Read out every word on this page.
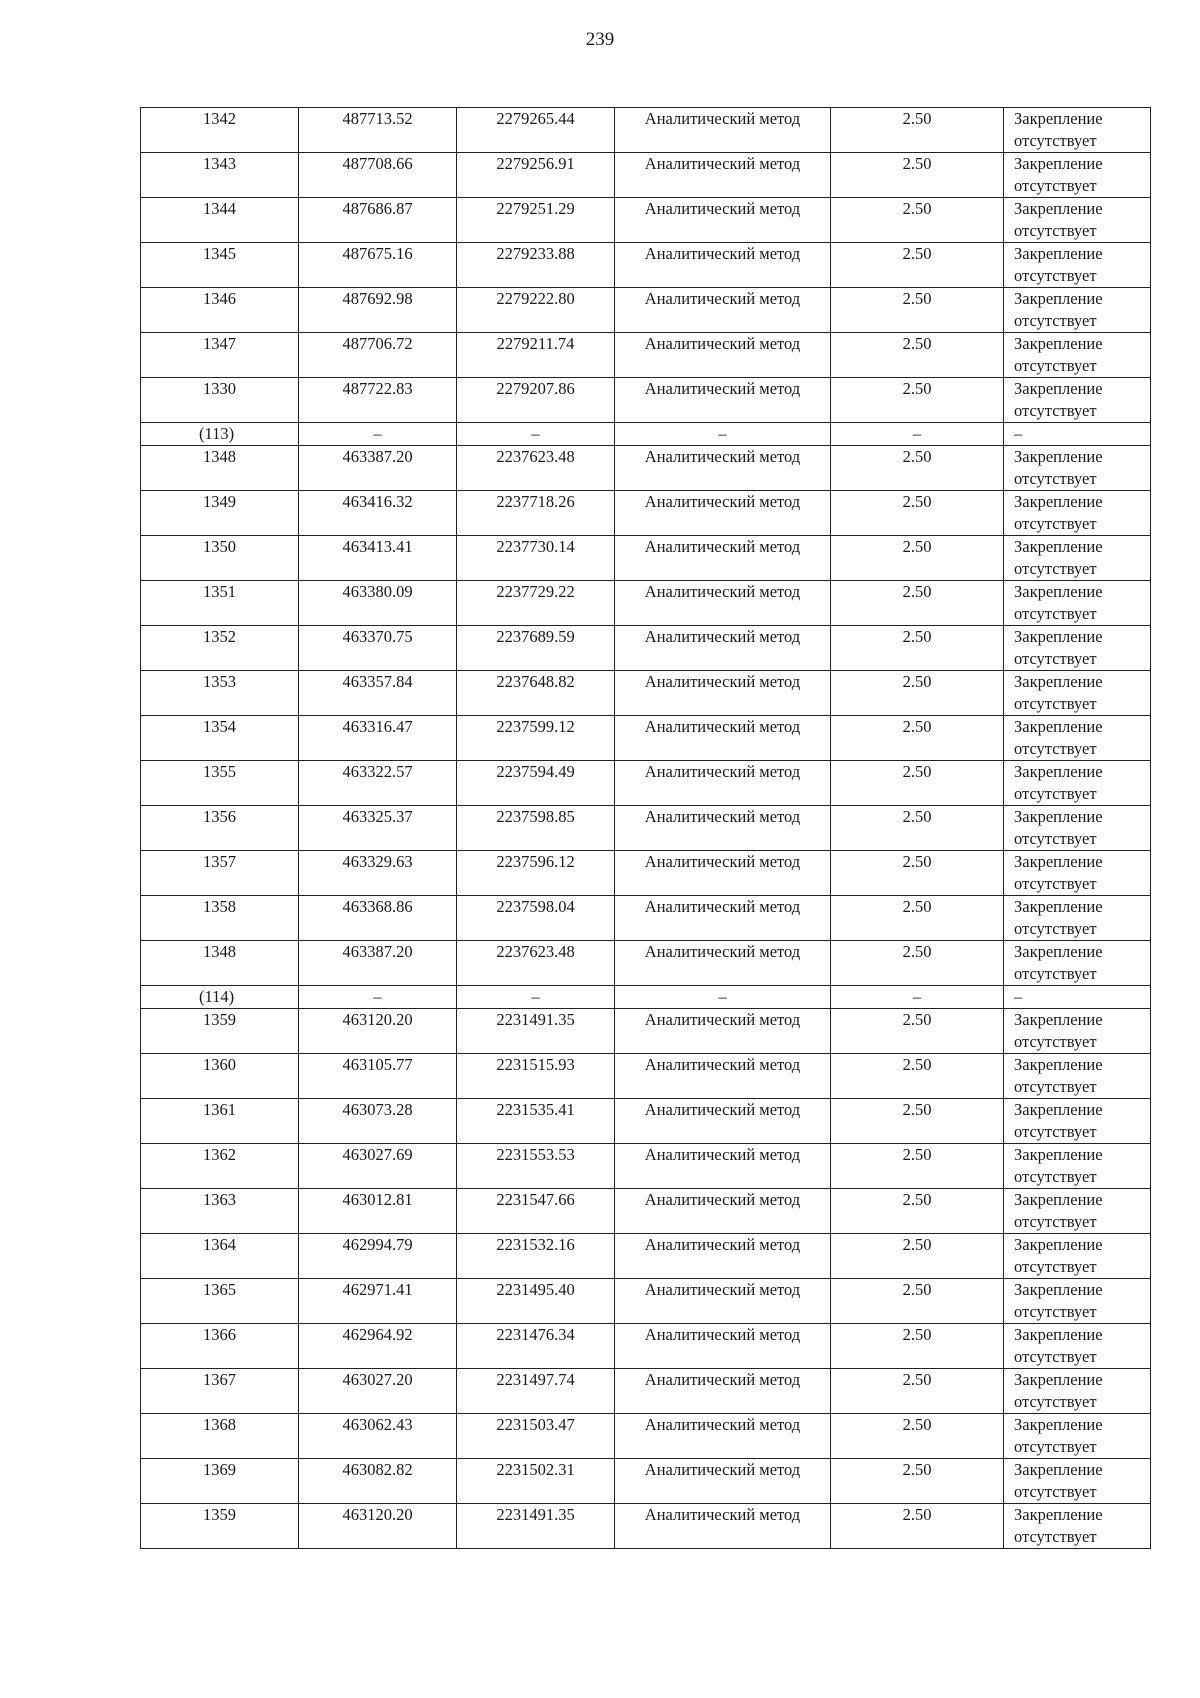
239
1342	487713.52	2279265.44	Аналитический метод	2.50	Закрепление отсутствует
1343	487708.66	2279256.91	Аналитический метод	2.50	Закрепление отсутствует
1344	487686.87	2279251.29	Аналитический метод	2.50	Закрепление отсутствует
1345	487675.16	2279233.88	Аналитический метод	2.50	Закрепление отсутствует
1346	487692.98	2279222.80	Аналитический метод	2.50	Закрепление отсутствует
1347	487706.72	2279211.74	Аналитический метод	2.50	Закрепление отсутствует
1330	487722.83	2279207.86	Аналитический метод	2.50	Закрепление отсутствует
(113)	–	–	–	–	–
1348	463387.20	2237623.48	Аналитический метод	2.50	Закрепление отсутствует
1349	463416.32	2237718.26	Аналитический метод	2.50	Закрепление отсутствует
1350	463413.41	2237730.14	Аналитический метод	2.50	Закрепление отсутствует
1351	463380.09	2237729.22	Аналитический метод	2.50	Закрепление отсутствует
1352	463370.75	2237689.59	Аналитический метод	2.50	Закрепление отсутствует
1353	463357.84	2237648.82	Аналитический метод	2.50	Закрепление отсутствует
1354	463316.47	2237599.12	Аналитический метод	2.50	Закрепление отсутствует
1355	463322.57	2237594.49	Аналитический метод	2.50	Закрепление отсутствует
1356	463325.37	2237598.85	Аналитический метод	2.50	Закрепление отсутствует
1357	463329.63	2237596.12	Аналитический метод	2.50	Закрепление отсутствует
1358	463368.86	2237598.04	Аналитический метод	2.50	Закрепление отсутствует
1348	463387.20	2237623.48	Аналитический метод	2.50	Закрепление отсутствует
(114)	–	–	–	–	–
1359	463120.20	2231491.35	Аналитический метод	2.50	Закрепление отсутствует
1360	463105.77	2231515.93	Аналитический метод	2.50	Закрепление отсутствует
1361	463073.28	2231535.41	Аналитический метод	2.50	Закрепление отсутствует
1362	463027.69	2231553.53	Аналитический метод	2.50	Закрепление отсутствует
1363	463012.81	2231547.66	Аналитический метод	2.50	Закрепление отсутствует
1364	462994.79	2231532.16	Аналитический метод	2.50	Закрепление отсутствует
1365	462971.41	2231495.40	Аналитический метод	2.50	Закрепление отсутствует
1366	462964.92	2231476.34	Аналитический метод	2.50	Закрепление отсутствует
1367	463027.20	2231497.74	Аналитический метод	2.50	Закрепление отсутствует
1368	463062.43	2231503.47	Аналитический метод	2.50	Закрепление отсутствует
1369	463082.82	2231502.31	Аналитический метод	2.50	Закрепление отсутствует
1359	463120.20	2231491.35	Аналитический метод	2.50	Закрепление отсутствует
